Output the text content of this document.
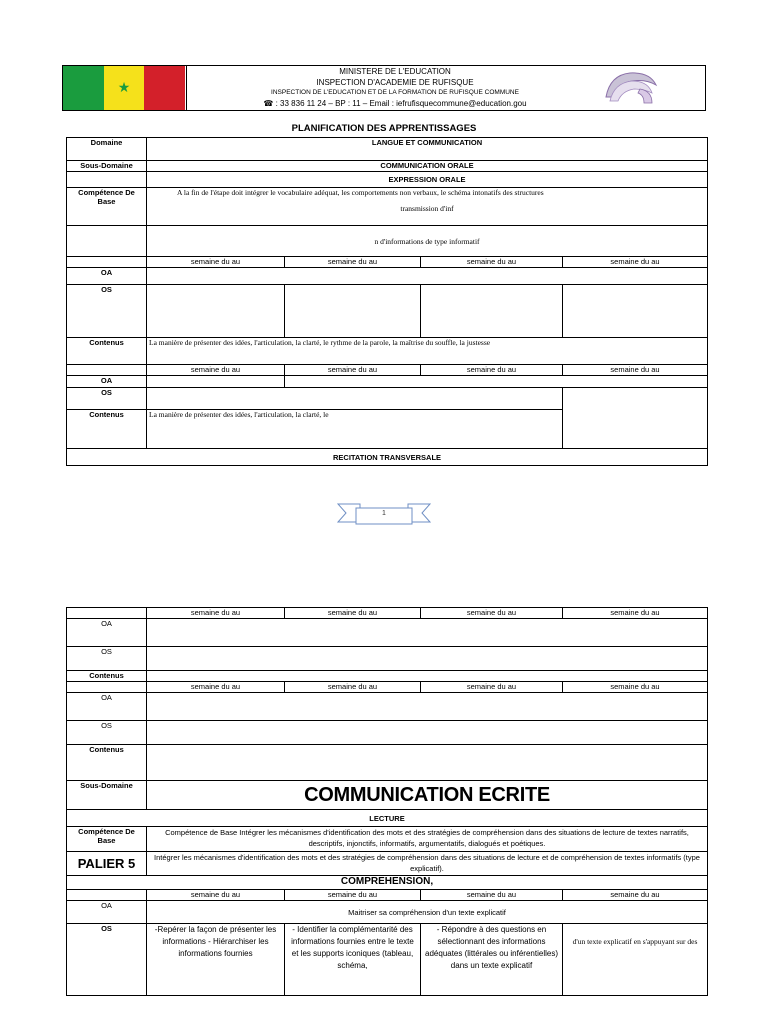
★
MINISTERE DE L'EDUCATION
INSPECTION D'ACADEMIE DE RUFISQUE
INSPECTION DE L'EDUCATION ET DE LA FORMATION DE RUFISQUE COMMUNE
☎ : 33 836 11 24 – BP : 11 – Email : iefrufisquecommune@education.gou
PLANIFICATION DES APPRENTISSAGES
Domaine	LANGUE ET COMMUNICATION			
Sous-Domaine	COMMUNICATION ORALE			
	EXPRESSION ORALE			
Compétence De Base	A la fin de l'étape doit intégrer le vocabulaire adéquat, les comportements non verbaux, le schéma intonatifs des structures
transmission d'inf			

	n d'informations de type informatif			
	semaine du au	semaine du au	semaine du au	semaine du au
OA				
OS				
Contenus	La manière de présenter des idées, l'articulation, la clarté, le rythme de la parole, la maîtrise du souffle, la justesse			
	semaine du au	semaine du au	semaine du au	semaine du au
OA				
OS				
Contenus	La manière de présenter des idées, l'articulation, la clarté, le			
RECITATION TRANSVERSALE				
1
	semaine du au	semaine du au	semaine du au	semaine du au
OA				
OS				
Contenus				
	semaine du au	semaine du au	semaine du au	semaine du au
OA				
OS				
Contenus				
Sous-Domaine	COMMUNICATION ECRITE			
LECTURE				
Compétence De Base	Compétence de Base Intégrer les mécanismes d'identification des mots et des stratégies de compréhension dans des situations de lecture de textes narratifs, descriptifs, injonctifs, informatifs, argumentatifs, dialogués et poétiques.			
PALIER 5	Intégrer les mécanismes d'identification des mots et des stratégies de compréhension dans des situations de lecture et de compréhension de textes informatifs (type explicatif).			
COMPREHENSION,				
	semaine du au	semaine du au	semaine du au	semaine du au
OA	Maitriser sa compréhension d'un texte explicatif			
OS	-Repérer la façon de présenter les informations - Hiérarchiser les informations fournies	- Identifier la complémentarité des informations fournies entre le texte et les supports iconiques (tableau, schéma,	- Répondre à des questions en sélectionnant des informations adéquates (littérales ou inférentielles) dans un texte explicatif	d'un texte explicatif en s'appuyant sur des
